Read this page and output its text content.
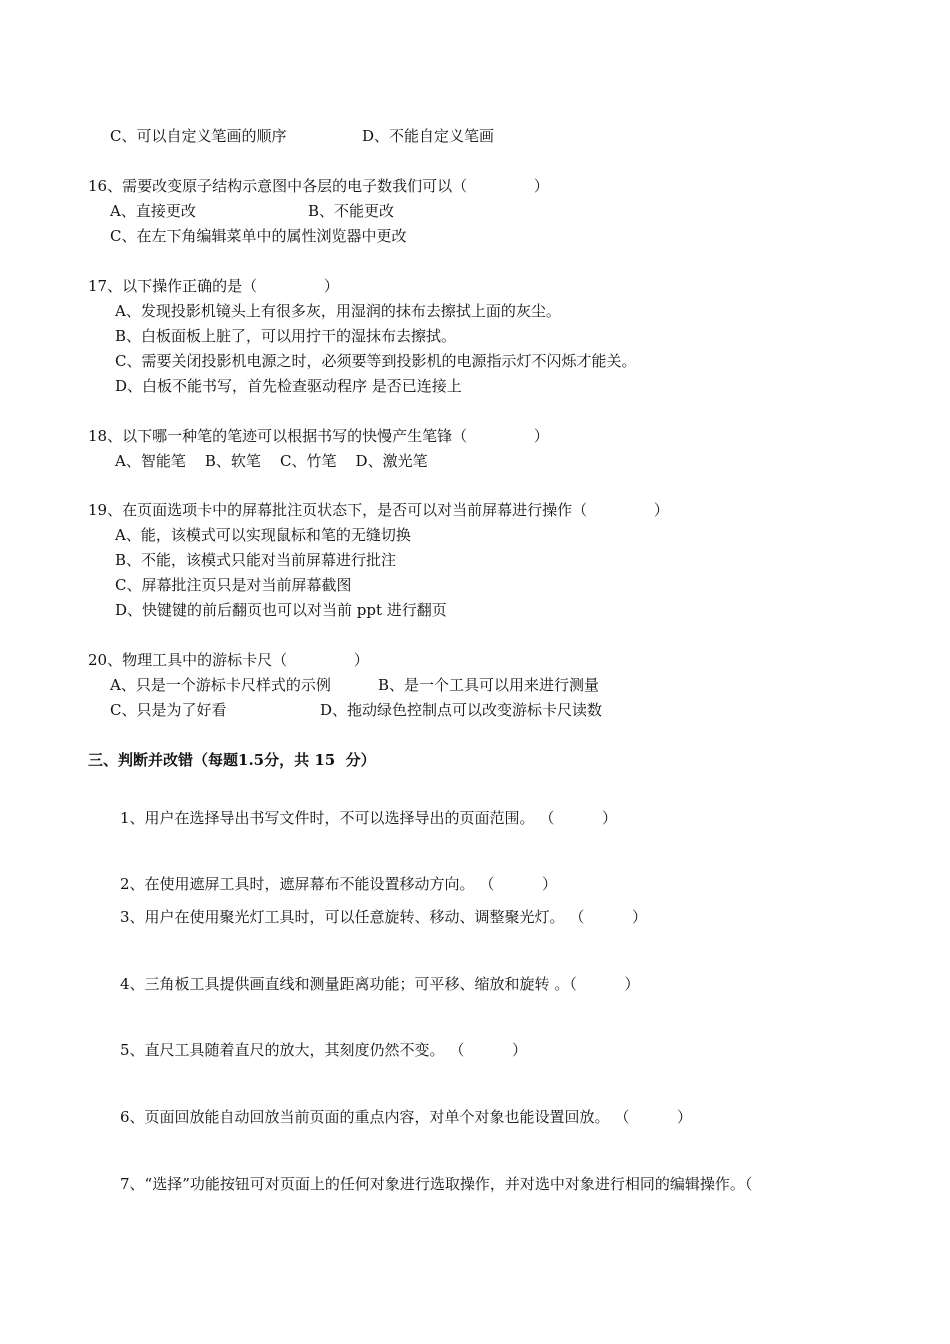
C、可以自定义笔画的顺序	D、不能自定义笔画
16、需要改变原子结构示意图中各层的电子数我们可以（              ）
A、直接更改	B、不能更改
C、在左下角编辑菜单中的属性浏览器中更改
17、以下操作正确的是（              ）
A、发现投影机镜头上有很多灰，用湿润的抹布去擦拭上面的灰尘。
B、白板面板上脏了，可以用拧干的湿抹布去擦拭。
C、需要关闭投影机电源之时，必须要等到投影机的电源指示灯不闪烁才能关。
D、白板不能书写，首先检查驱动程序 是否已连接上
18、以下哪一种笔的笔迹可以根据书写的快慢产生笔锋（              ）
A、智能笔    B、软笔    C、竹笔    D、激光笔
19、在页面选项卡中的屏幕批注页状态下，是否可以对当前屏幕进行操作（              ）
A、能，该模式可以实现鼠标和笔的无缝切换
B、不能，该模式只能对当前屏幕进行批注
C、屏幕批注页只是对当前屏幕截图
D、快键键的前后翻页也可以对当前 ppt 进行翻页
20、物理工具中的游标卡尺（              ）
A、只是一个游标卡尺样式的示例	B、是一个工具可以用来进行测量
C、只是为了好看	D、拖动绿色控制点可以改变游标卡尺读数
三、判断并改错（每题1.5分，共 15  分）
1、用户在选择导出书写文件时，不可以选择导出的页面范围。 （          ）
2、在使用遮屏工具时，遮屏幕布不能设置移动方向。 （          ）
3、用户在使用聚光灯工具时，可以任意旋转、移动、调整聚光灯。 （          ）
4、三角板工具提供画直线和测量距离功能；可平移、缩放和旋转 。（          ）
5、直尺工具随着直尺的放大，其刻度仍然不变。 （          ）
6、页面回放能自动回放当前页面的重点内容，对单个对象也能设置回放。 （          ）
7、“选择”功能按钮可对页面上的任何对象进行选取操作，并对选中对象进行相同的编辑操作。（
